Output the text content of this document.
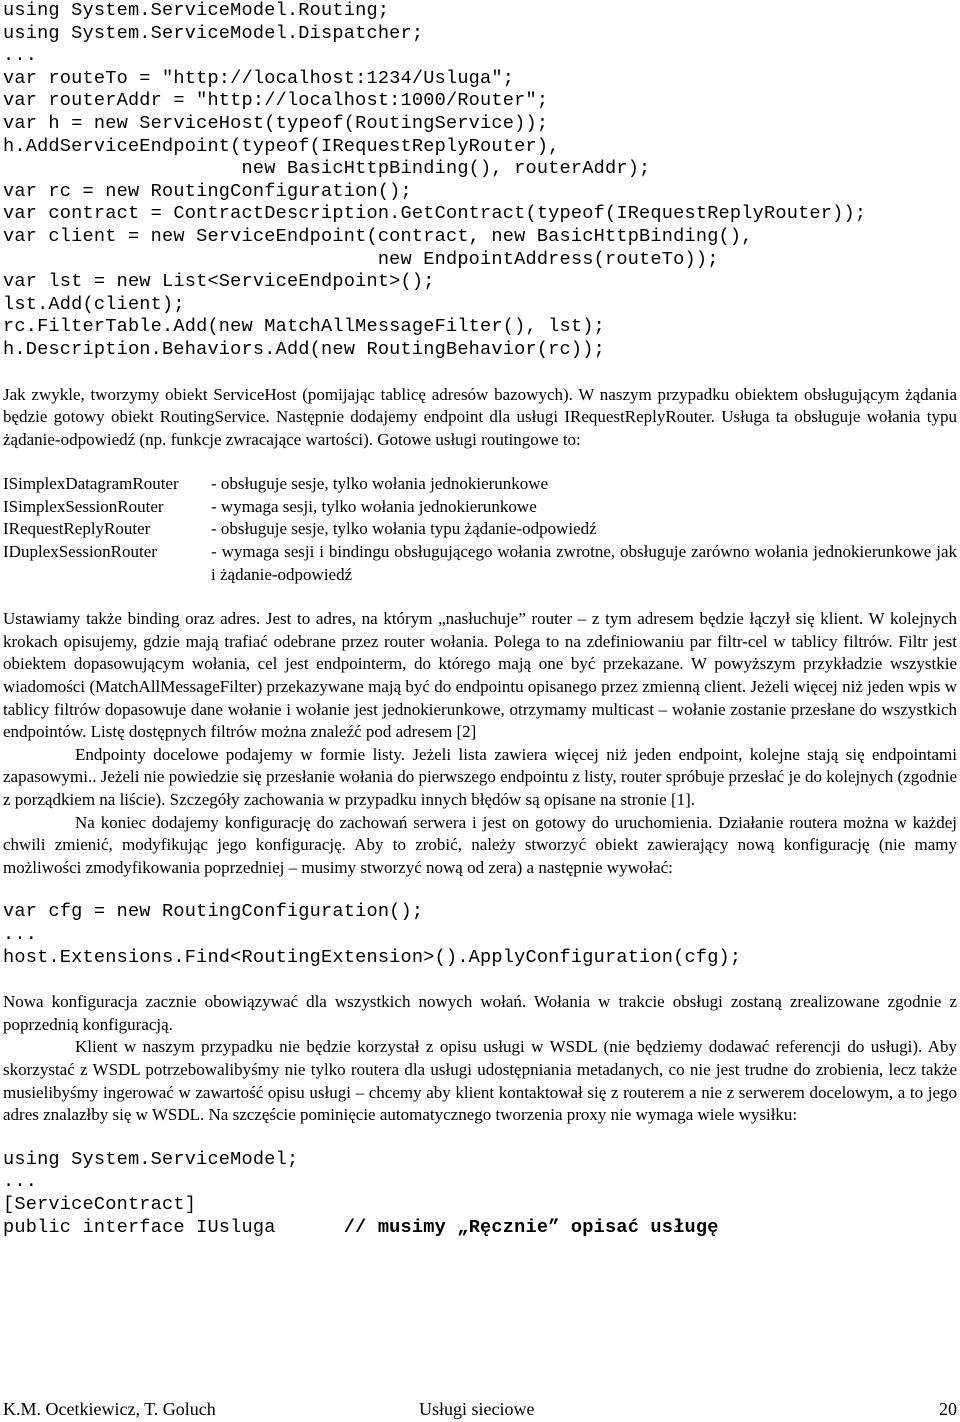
using System.ServiceModel.Routing;
using System.ServiceModel.Dispatcher;
...
var routeTo = "http://localhost:1234/Usluga";
var routerAddr = "http://localhost:1000/Router";
var h = new ServiceHost(typeof(RoutingService));
h.AddServiceEndpoint(typeof(IRequestReplyRouter),
new BasicHttpBinding(), routerAddr);
var rc = new RoutingConfiguration();
var contract = ContractDescription.GetContract(typeof(IRequestReplyRouter));
var client = new ServiceEndpoint(contract, new BasicHttpBinding(),
new EndpointAddress(routeTo));
var lst = new List<ServiceEndpoint>();
lst.Add(client);
rc.FilterTable.Add(new MatchAllMessageFilter(), lst);
h.Description.Behaviors.Add(new RoutingBehavior(rc));

Jak zwykle, tworzymy obiekt ServiceHost (pomijając tablicę adresów bazowych). W naszym przypadku obiektem obsługującym żądania będzie gotowy obiekt RoutingService. Następnie dodajemy endpoint dla usługi IRequestReplyRouter. Usługa ta obsługuje wołania typu żądanie-odpowiedź (np. funkcje zwracające wartości). Gotowe usługi routingowe to:

ISimplexDatagramRouter	- obsługuje sesje, tylko wołania jednokierunkowe
ISimplexSessionRouter	- wymaga sesji, tylko wołania jednokierunkowe
IRequestReplyRouter	- obsługuje sesje, tylko wołania typu żądanie-odpowiedź
IDuplexSessionRouter	- wymaga sesji i bindingu obsługującego wołania zwrotne, obsługuje zarówno wołania jednokierunkowe jak i żądanie-odpowiedź

Ustawiamy także binding oraz adres. Jest to adres, na którym „nasłuchuje” router – z tym adresem będzie łączył się klient. W kolejnych krokach opisujemy, gdzie mają trafiać odebrane przez router wołania. Polega to na zdefiniowaniu par filtr-cel w tablicy filtrów. Filtr jest obiektem dopasowującym wołania, cel jest endpointerm, do którego mają one być przekazane. W powyższym przykładzie wszystkie wiadomości (MatchAllMessageFilter) przekazywane mają być do endpointu opisanego przez zmienną client. Jeżeli więcej niż jeden wpis w tablicy filtrów dopasowuje dane wołanie i wołanie jest jednokierunkowe, otrzymamy multicast – wołanie zostanie przesłane do wszystkich endpointów. Listę dostępnych filtrów można znaleźć pod adresem [2]

Endpointy docelowe podajemy w formie listy. Jeżeli lista zawiera więcej niż jeden endpoint, kolejne stają się endpointami zapasowymi.. Jeżeli nie powiedzie się przesłanie wołania do pierwszego endpointu z listy, router spróbuje przesłać je do kolejnych (zgodnie z porządkiem na liście). Szczegóły zachowania w przypadku innych błędów są opisane na stronie [1].

Na koniec dodajemy konfigurację do zachowań serwera i jest on gotowy do uruchomienia. Działanie routera można w każdej chwili zmienić, modyfikując jego konfigurację. Aby to zrobić, należy stworzyć obiekt zawierający nową konfigurację (nie mamy możliwości zmodyfikowania poprzedniej – musimy stworzyć nową od zera) a następnie wywołać:

var cfg = new RoutingConfiguration();
...
host.Extensions.Find<RoutingExtension>().ApplyConfiguration(cfg);

Nowa konfiguracja zacznie obowiązywać dla wszystkich nowych wołań. Wołania w trakcie obsługi zostaną zrealizowane zgodnie z poprzednią konfiguracją.

Klient w naszym przypadku nie będzie korzystał z opisu usługi w WSDL (nie będziemy dodawać referencji do usługi). Aby skorzystać z WSDL potrzebowalibyśmy nie tylko routera dla usługi udostępniania metadanych, co nie jest trudne do zrobienia, lecz także musielibyśmy ingerować w zawartość opisu usługi – chcemy aby klient kontaktował się z routerem a nie z serwerem docelowym, a to jego adres znalazłby się w WSDL. Na szczęście pominięcie automatycznego tworzenia proxy nie wymaga wiele wysiłku:

using System.ServiceModel;
...
[ServiceContract]
public interface IUsluga      // musimy „Ręcznie” opisać usługę
K.M. Ocetkiewicz, T. Goluch	Usługi sieciowe	20
